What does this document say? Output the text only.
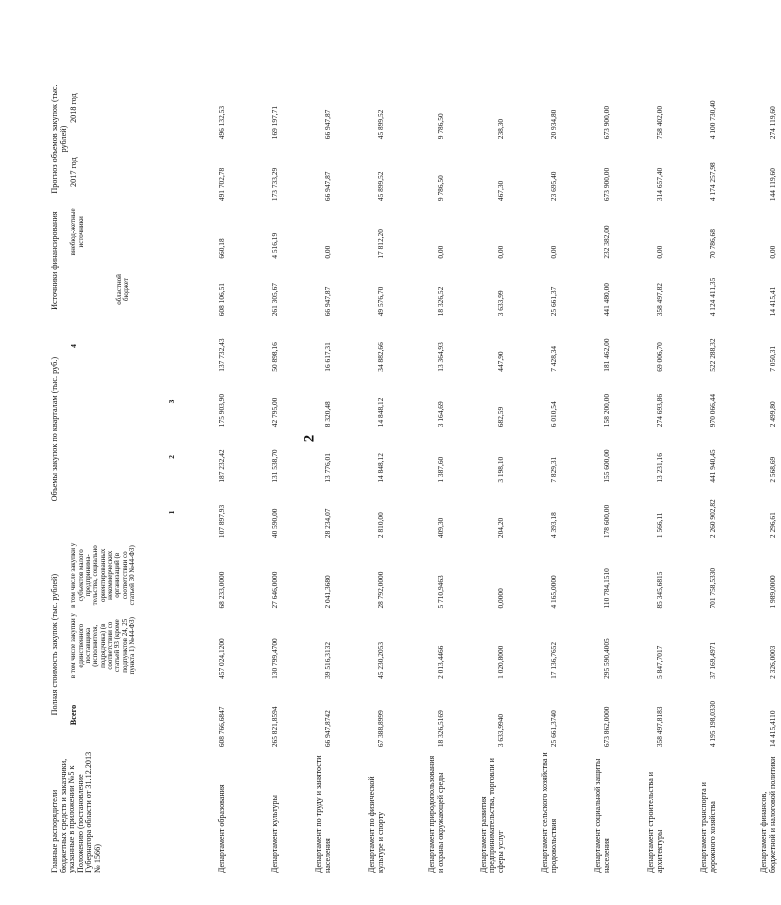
2
Главные распорядители бюджетных средств и заказчики, указанные в приложении №5 к Положению (постановление Губернатора области от 31.12.2013 № 1566)	Полная стоимость закупок (тыс. рублей)			Объемы закупок по кварталам (тыс. руб.)				Источники финансирования		Прогноз объемов закупок (тыс. рублей)	
	Всего	в том числе закупки у единственного поставщика (исполнителя, подрядчика) (в соответствии со статьей 93 (кроме подпунктов 24, 25 пункта 1) №44-ФЗ)	в том числе закупки у субъектов малого предпринима-тельства, социально ориентированных некоммерческих организаций (в соответствии со статьей 30 №44-ФЗ)	1	2	3	4	областной бюджет	внебюд-жетные источники	2017 год	2018 год
Департамент образования	608 766,6847	457 024,1200	68 233,0000	107 897,93	187 232,42	175 903,90	137 732,43	608 106,51	660,18	491 702,78	496 132,53
Департамент культуры	265 821,8594	130 799,4700	27 646,0000	40 590,00	131 538,70	42 795,00	50 898,16	261 305,67	4 516,19	173 733,29	169 197,71
Департамент по труду и занятости населения	66 947,8742	39 516,3132	2 041,3680	28 234,07	13 776,01	8 320,48	16 617,31	66 947,87	0,00	66 947,87	66 947,87
Департамент по физической культуре и спорту	67 388,8999	45 230,2053	28 792,0000	2 810,00	14 848,12	14 848,12	34 882,66	49 576,70	17 812,20	45 899,52	45 899,52
Департамент природопользования и охраны окружающей среды	18 326,5169	2 013,4466	5 710,9463	409,30	1 387,60	3 164,69	13 364,93	18 326,52	0,00	9 786,50	9 786,50
Департамент развития предпринимательства, торговли и сферы услуг	3 633,9940	1 020,8000	0,0000	204,20	3 198,10	682,59	447,90	3 633,99	0,00	467,30	238,30
Департамент сельского хозяйства и продовольствия	25 661,3740	17 136,7652	4 165,0000	4 393,18	7 829,31	6 010,54	7 428,34	25 661,37	0,00	23 695,40	20 934,80
Департамент социальной защиты населения	673 862,0000	295 590,4005	110 784,1510	178 600,00	155 600,00	158 200,00	181 462,00	441 480,00	232 382,00	673 900,00	673 900,00
Департамент строительства и архитектуры	358 497,8183	5 847,7017	85 345,6815	1 566,11	13 231,16	274 693,86	69 006,70	358 497,82	0,00	314 657,40	758 402,00
Департамент транспорта и дорожного хозяйства	4 195 198,0330	37 169,4971	701 758,5330	2 260 902,82	441 940,45	970 066,44	522 288,32	4 124 411,35	70 786,68	4 174 257,98	4 100 730,40
Департамент финансов, бюджетной и налоговой политики	14 415,4110	2 326,0003	1 989,0000	2 296,61	2 568,69	2 499,80	7 050,31	14 415,41	0,00	144 119,60	274 119,60
